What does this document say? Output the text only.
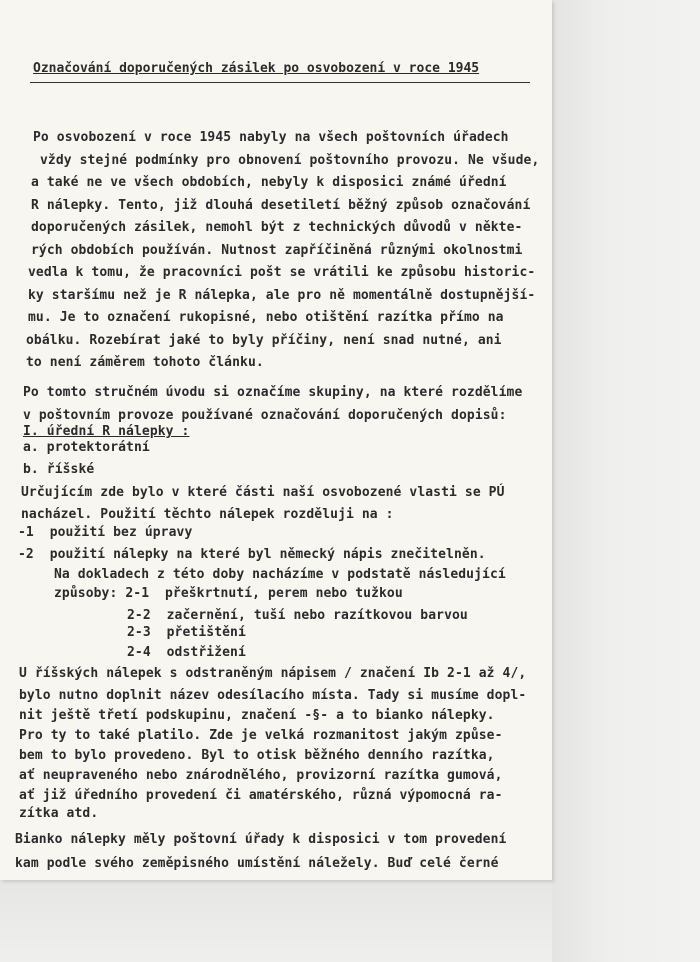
Označování doporučených zásilek po osvobození v roce 1945
Po osvobození v roce 1945 nabyly na všech poštovních úřadech
vždy stejné podmínky pro obnovení poštovního provozu. Ne všude,
a také ne ve všech obdobích, nebyly k disposici známé úřední
R nálepky. Tento, již dlouhá desetiletí běžný způsob označování
doporučených zásilek, nemohl být z technických důvodů v někte-
rých obdobích používán. Nutnost zapříčiněná různými okolnostmi
vedla k tomu, že pracovníci pošt se vrátili ke způsobu historic-
ky staršímu než je R nálepka, ale pro ně momentálně dostupnější-
mu. Je to označení rukopisné, nebo otištění razítka přímo na
obálku. Rozebírat jaké to byly příčiny, není snad nutné, ani
to není záměrem tohoto článku.
Po tomto stručném úvodu si označíme skupiny, na které rozdělíme
v poštovním provoze používané označování doporučených dopisů:
I. úřední R nálepky :
a. protektorátní
b. říšské
Určujícím zde bylo v které části naší osvobozené vlasti se PÚ
nacházel. Použití těchto nálepek rozděluji na :
-1  použití bez úpravy
-2  použití nálepky na které byl německý nápis znečitelněn.
Na dokladech z této doby nacházíme v podstatě následující
způsoby: 2-1  přeškrtnutí, perem nebo tužkou
2-2  začernění, tuší nebo razítkovou barvou
2-3  přetištění
2-4  odstřižení
U říšských nálepek s odstraněným nápisem / značení Ib 2-1 až 4/,
bylo nutno doplnit název odesílacího místa. Tady si musíme dopl-
nit ještě třetí podskupinu, značení -§- a to bianko nálepky.
Pro ty to také platilo. Zde je velká rozmanitost jakým způse-
bem to bylo provedeno. Byl to otisk běžného denního razítka,
ať neupraveného nebo znárodnělého, provizorní razítka gumová,
ať již úředního provedení či amatérského, různá výpomocná ra-
zítka atd.
Bianko nálepky měly poštovní úřady k disposici v tom provedení
kam podle svého zeměpisného umístění náležely. Buď celé černé
